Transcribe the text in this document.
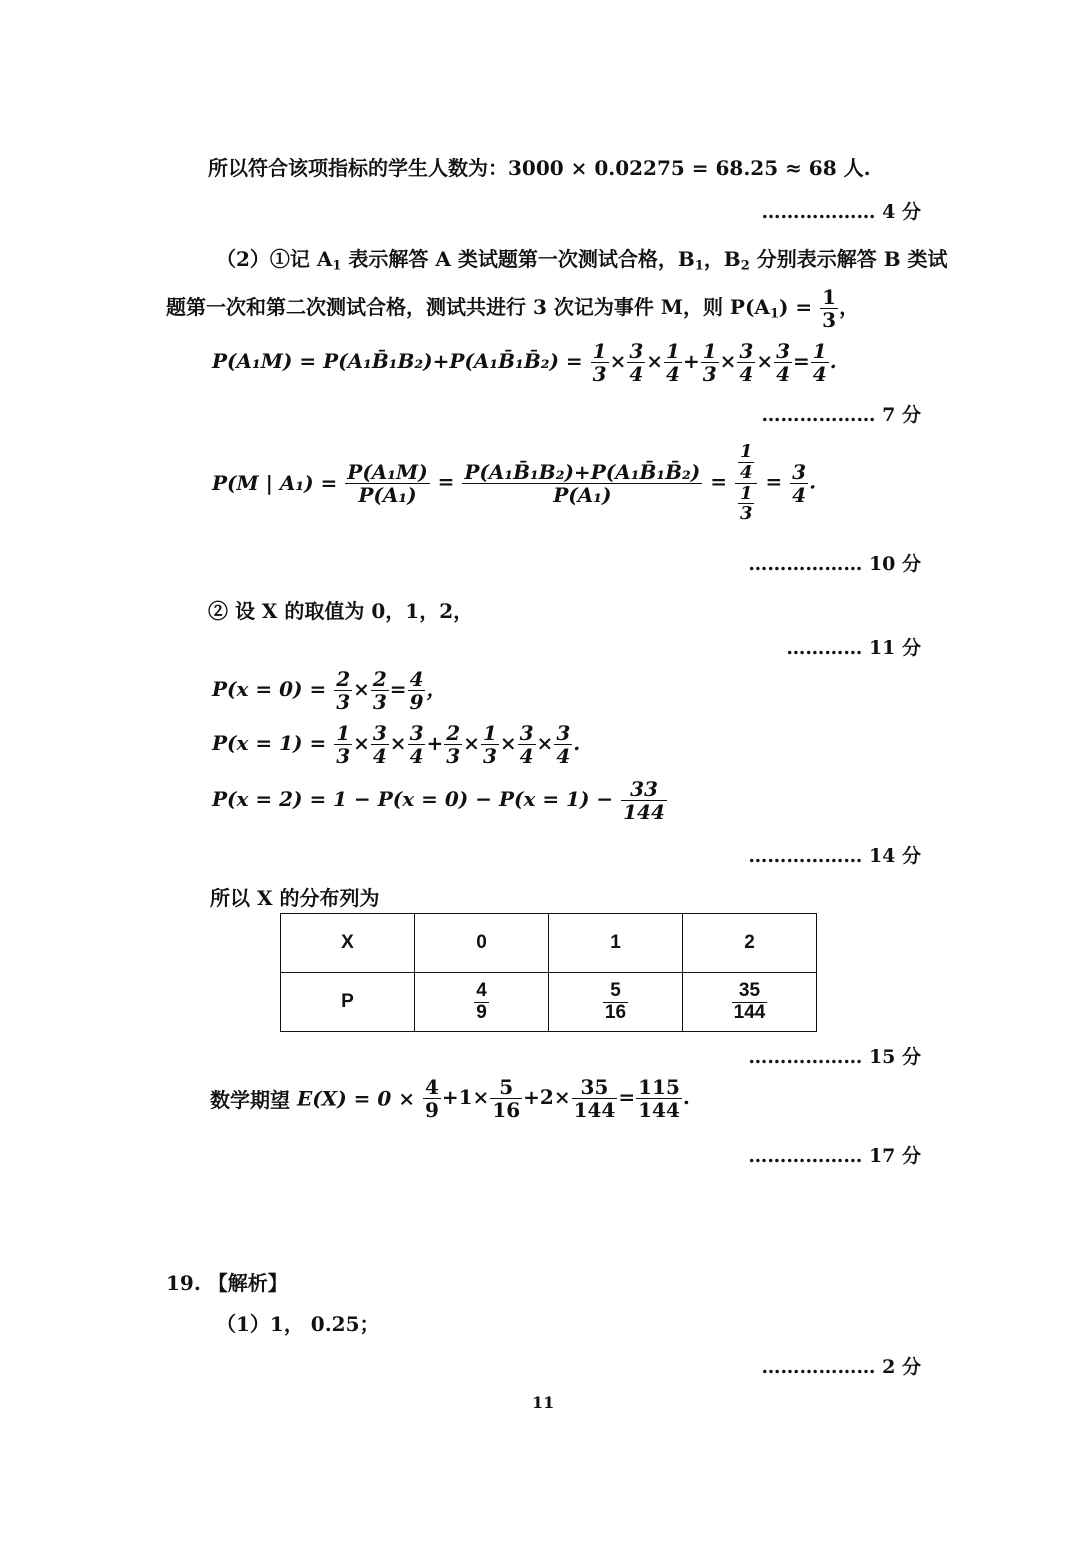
所以符合该项指标的学生人数为：3000 × 0.02275 = 68.25 ≈ 68 人.
……………… 4 分
（2）①记 $A_1$ 表示解答 A 类试题第一次测试合格，$B_1$，$B_2$ 分别表示解答 B 类试
题第一次和第二次测试合格，测试共进行 3 次记为事件 M，则 $P(A_1) = \frac{1}{3}$ ，
P(A₁M) = P(A₁B̄₁B₂)+P(A₁B̄₁B̄₂) = $\frac{1}{3} \times \frac{3}{4} \times \frac{1}{4} + \frac{1}{3} \times \frac{3}{4} \times \frac{3}{4} = \frac{1}{4}$ .
……………… 7 分
P(M | $A_1) = \frac{\text{P(A₁M)}}{\text{P(A₁)}} = \frac{\text{P(A₁B̄₁B₂)+P(A₁B̄₁B̄₂)}}{\text{P(A₁)}} = \frac{\frac{1}{4}}{\frac{1}{3}} = \frac{3}{4}$ .
……………… 10 分
② 设 X 的取值为 0，1，2，
………… 11 分
$P(x = 0) = \frac{2}{3} \times \frac{2}{3} = \frac{4}{9}$ ，
$P(x = 1) = \frac{1}{3} \times \frac{3}{4} \times \frac{3}{4} + \frac{2}{3} \times \frac{1}{3} \times \frac{3}{4} \times \frac{3}{4}$ .
$P(x = 2) = 1 - P(x = 0) - P(x = 1) - \frac{33}{144}$
……………… 14 分
所以 X 的分布列为
X	0	1	2
P	$\frac{4}{9}$	$\frac{5}{16}$	$\frac{35}{144}$
……………… 15 分
数学期望 $E(X) = 0 \times \frac{4}{9} +1\times \frac{5}{16} +2\times \frac{35}{144} = \frac{115}{144}$ .
……………… 17 分
19. 【解析】
（1）1， 0.25；
……………… 2 分
11
